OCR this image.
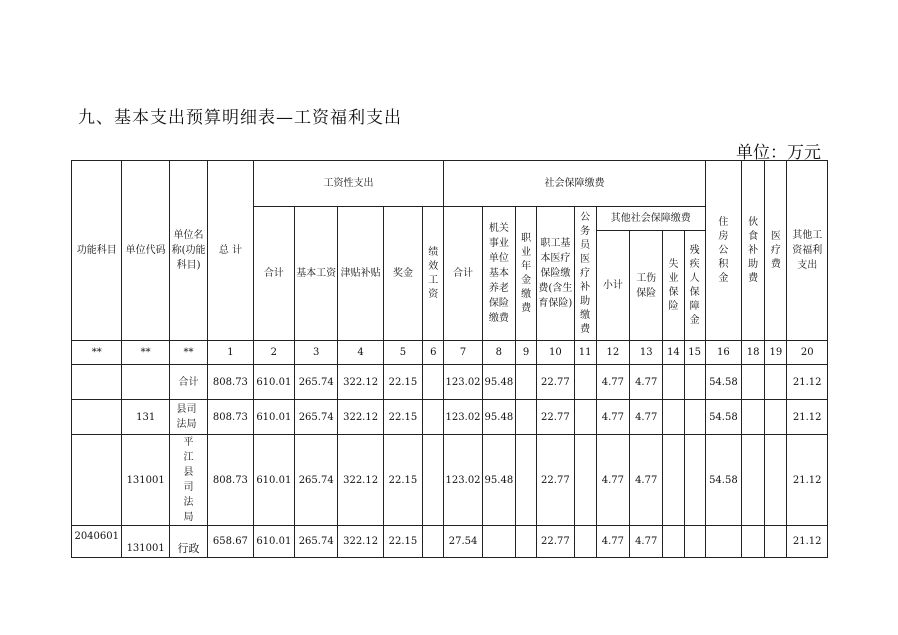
九、基本支出预算明细表—工资福利支出
单位：万元
功能科目	单位代码	单位名称(功能科目)	总 计	工资性支出					社会保障缴费									住房公积金	伙食补助费	医疗费	其他工资福利支出
				合计	基本工资	津贴补贴	奖金	绩效工资	合计	机关事业单位基本养老保险缴费	职业年金缴费	职工基本医疗保险缴费(含生育保险)	公务员医疗补助缴费	其他社会保障缴费							
														小计	工伤保险	失业保险	残疾人保障金				
**	**	**	1	2	3	4	5	6	7	8	9	10	11	12	13	14	15	16	18	19	20
		合计	808.73	610.01	265.74	322.12	22.15		123.02	95.48		22.77		4.77	4.77			54.58			21.12
	131	县司法局	808.73	610.01	265.74	322.12	22.15		123.02	95.48		22.77		4.77	4.77			54.58			21.12
	131001	平江县司法局	808.73	610.01	265.74	322.12	22.15		123.02	95.48		22.77		4.77	4.77			54.58			21.12
2040601	131001	行政	658.67	610.01	265.74	322.12	22.15		27.54			22.77		4.77	4.77						21.12
